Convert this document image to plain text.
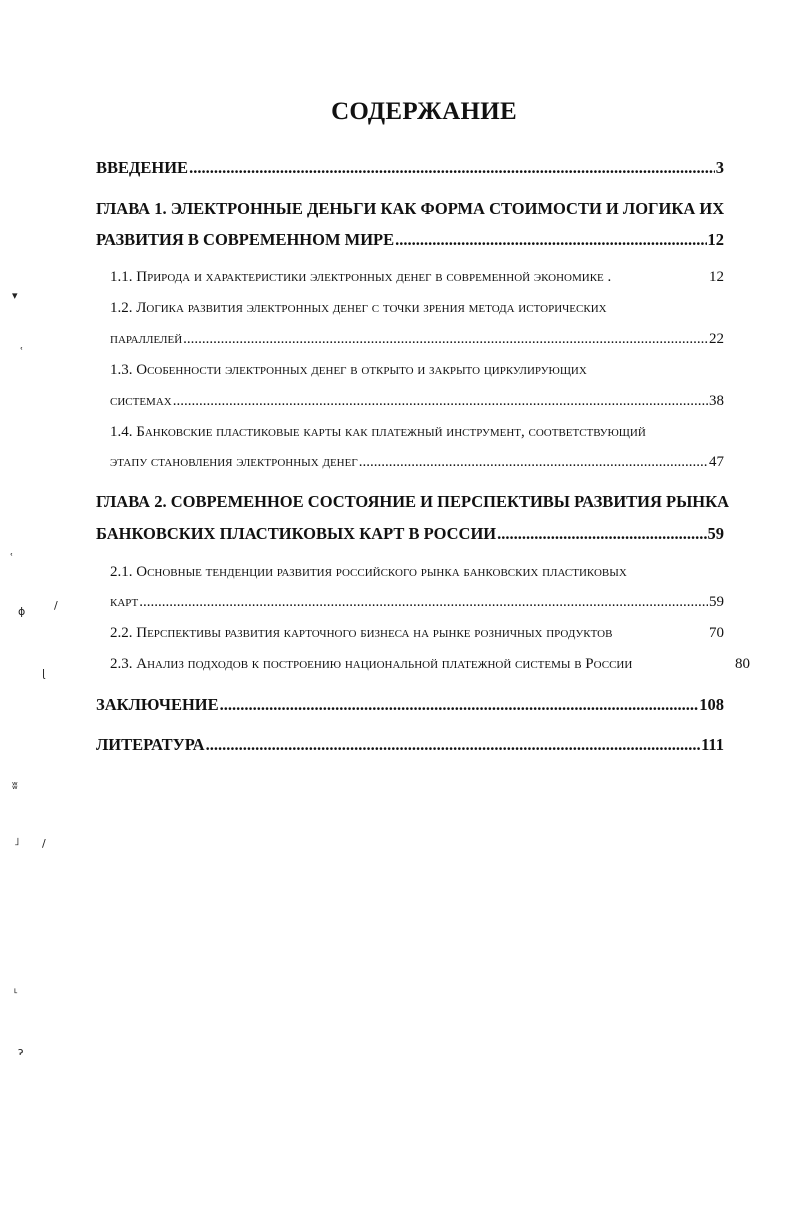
СОДЕРЖАНИЕ
ВВЕДЕНИЕ .....	3
ГЛАВА 1. ЭЛЕКТРОННЫЕ ДЕНЬГИ КАК ФОРМА СТОИМОСТИ И ЛОГИКА ИХ
РАЗВИТИЯ В СОВРЕМЕННОМ МИРЕ .....	12
1.1. Природа и характеристики электронных денег в современной экономике .	12
1.2. Логика развития электронных денег с точки зрения метода исторических
параллелей .....	22
1.3. Особенности электронных денег в открыто и закрыто циркулирующих
системах .....	38
1.4. Банковские пластиковые карты как платежный инструмент, соответствующий
этапу становления электронных денег .....	47
ГЛАВА 2. СОВРЕМЕННОЕ СОСТОЯНИЕ И ПЕРСПЕКТИВЫ РАЗВИТИЯ РЫНКА
БАНКОВСКИХ ПЛАСТИКОВЫХ КАРТ В РОССИИ .....	59
2.1. Основные тенденции развития российского рынка банковских пластиковых
карт .....	59
2.2. Перспективы развития карточного бизнеса на рынке розничных продуктов	70
2.3. Анализ подходов к построению национальной платежной системы в России	80
ЗАКЛЮЧЕНИЕ .....	108
ЛИТЕРАТУРА .....	111
▾
ʿ
ʿ
ɸ	/
ɭ
ʬ
˩ /
˪
ɂ
